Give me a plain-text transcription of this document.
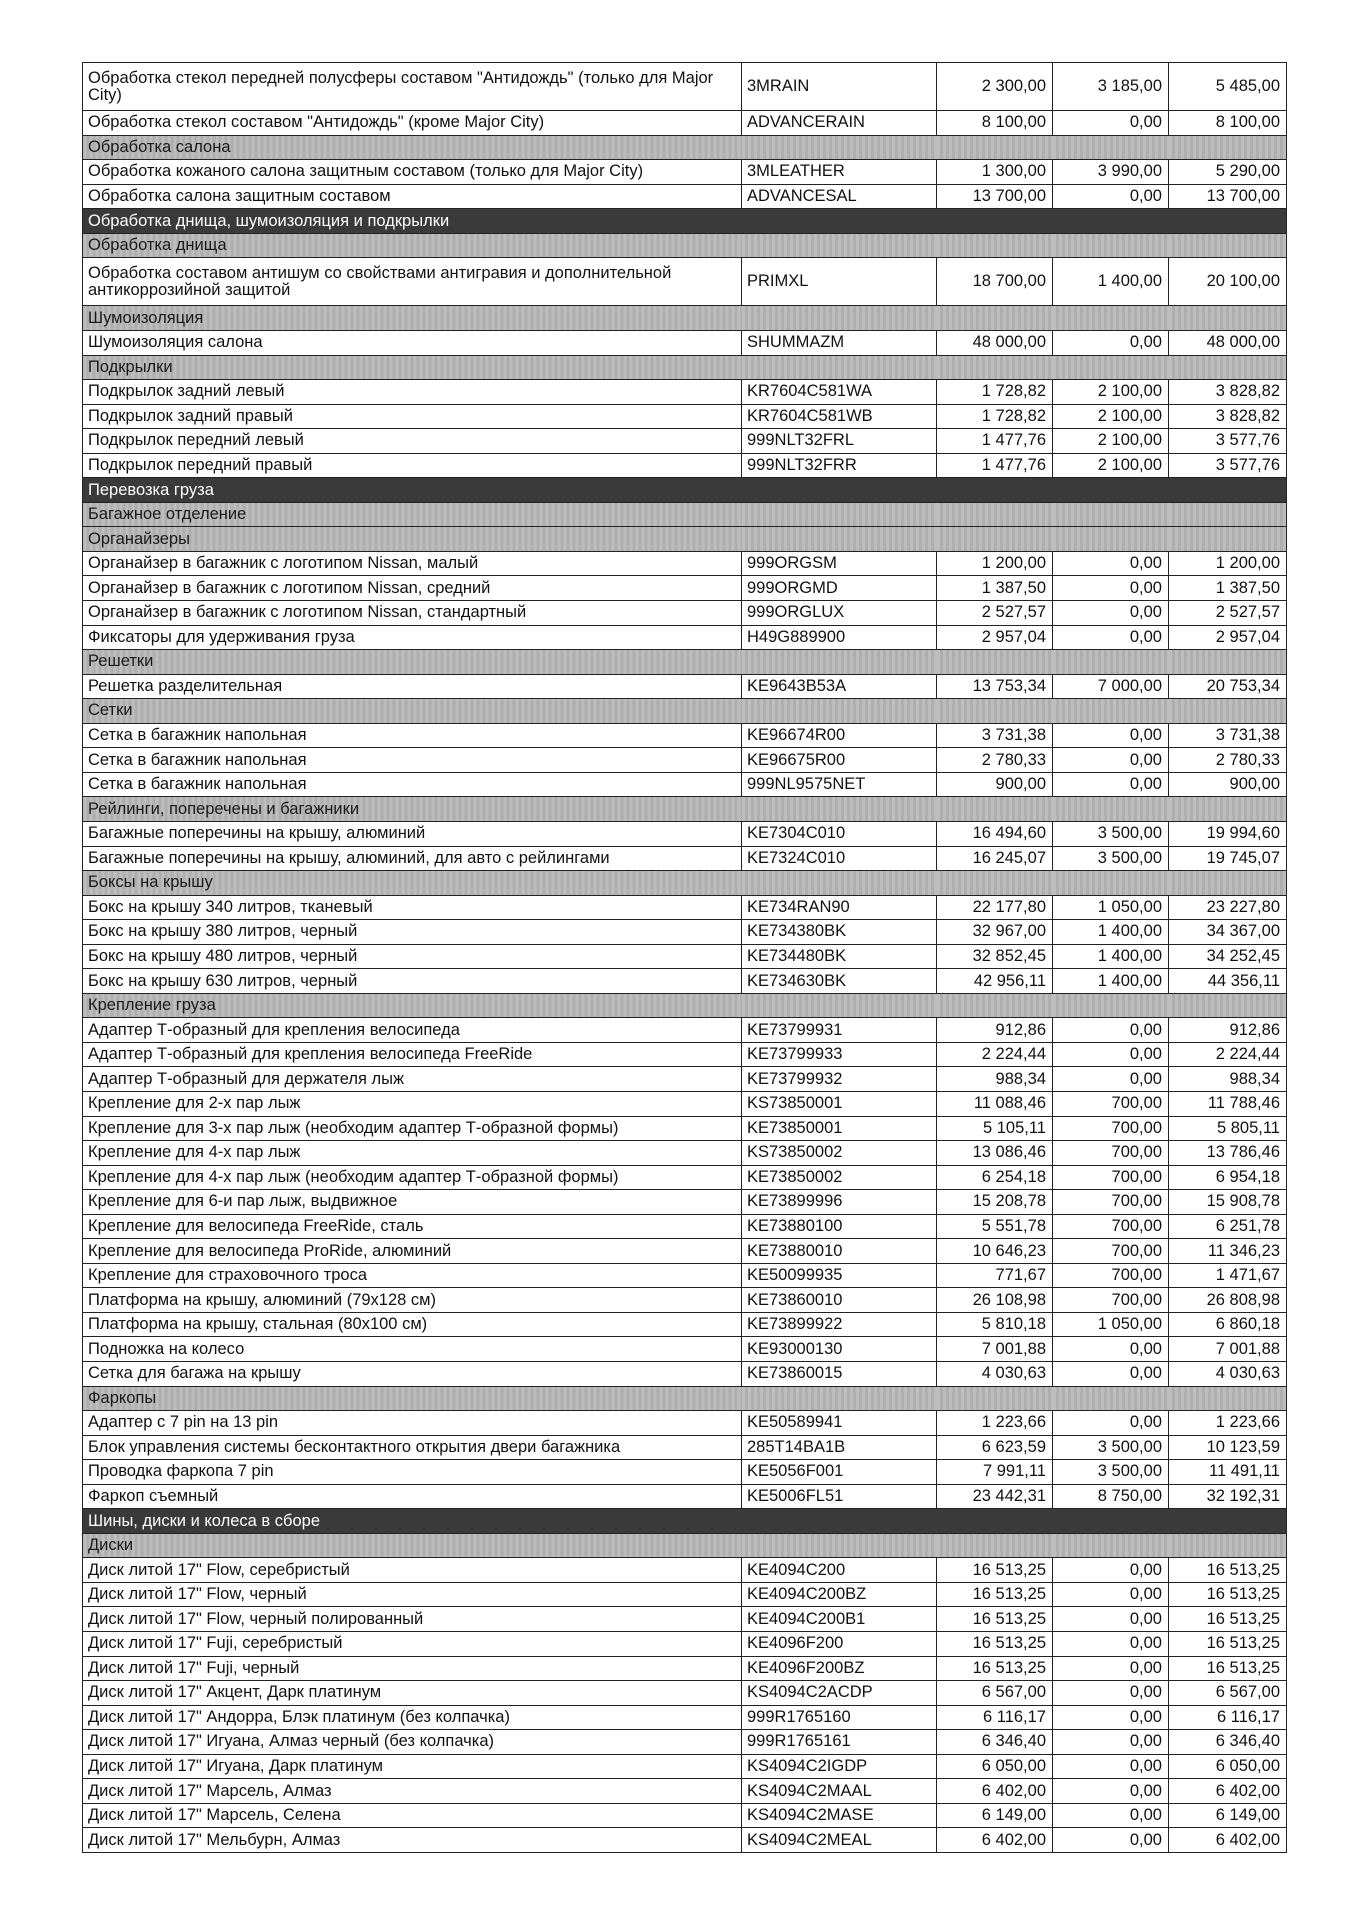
Обработка стекол передней полусферы составом "Антидождь" (только для Major City)	3MRAIN	2 300,00	3 185,00	5 485,00
Обработка стекол составом "Антидождь" (кроме Major City)	ADVANCERAIN	8 100,00	0,00	8 100,00
Обработка салона				
Обработка кожаного салона защитным составом (только для Major City)	3MLEATHER	1 300,00	3 990,00	5 290,00
Обработка салона защитным составом	ADVANCESAL	13 700,00	0,00	13 700,00
Обработка днища, шумоизоляция и подкрылки				
Обработка днища				
Обработка составом антишум со свойствами антигравия и дополнительной антикоррозийной защитой	PRIMXL	18 700,00	1 400,00	20 100,00
Шумоизоляция				
Шумоизоляция салона	SHUMMAZM	48 000,00	0,00	48 000,00
Подкрылки				
Подкрылок задний левый	KR7604C581WA	1 728,82	2 100,00	3 828,82
Подкрылок задний правый	KR7604C581WB	1 728,82	2 100,00	3 828,82
Подкрылок передний левый	999NLT32FRL	1 477,76	2 100,00	3 577,76
Подкрылок передний правый	999NLT32FRR	1 477,76	2 100,00	3 577,76
Перевозка груза				
Багажное отделение				
Органайзеры				
Органайзер в багажник с логотипом Nissan, малый	999ORGSM	1 200,00	0,00	1 200,00
Органайзер в багажник с логотипом Nissan, средний	999ORGMD	1 387,50	0,00	1 387,50
Органайзер в багажник с логотипом Nissan, стандартный	999ORGLUX	2 527,57	0,00	2 527,57
Фиксаторы для удерживания груза	H49G889900	2 957,04	0,00	2 957,04
Решетки				
Решетка разделительная	KE9643B53A	13 753,34	7 000,00	20 753,34
Сетки				
Сетка в багажник напольная	KE96674R00	3 731,38	0,00	3 731,38
Сетка в багажник напольная	KE96675R00	2 780,33	0,00	2 780,33
Сетка в багажник напольная	999NL9575NET	900,00	0,00	900,00
Рейлинги, поперечены и багажники				
Багажные поперечины на крышу, алюминий	KE7304C010	16 494,60	3 500,00	19 994,60
Багажные поперечины на крышу, алюминий, для авто с рейлингами	KE7324C010	16 245,07	3 500,00	19 745,07
Боксы на крышу				
Бокс на крышу 340 литров, тканевый	KE734RAN90	22 177,80	1 050,00	23 227,80
Бокс на крышу 380 литров, черный	KE734380BK	32 967,00	1 400,00	34 367,00
Бокс на крышу 480 литров, черный	KE734480BK	32 852,45	1 400,00	34 252,45
Бокс на крышу 630 литров, черный	KE734630BK	42 956,11	1 400,00	44 356,11
Крепление груза				
Адаптер Т-образный для крепления велосипеда	KE73799931	912,86	0,00	912,86
Адаптер Т-образный для крепления велосипеда FreeRide	KE73799933	2 224,44	0,00	2 224,44
Адаптер Т-образный для держателя лыж	KE73799932	988,34	0,00	988,34
Крепление для 2-х пар лыж	KS73850001	11 088,46	700,00	11 788,46
Крепление для 3-х пар лыж (необходим адаптер Т-образной формы)	KE73850001	5 105,11	700,00	5 805,11
Крепление для 4-х пар лыж	KS73850002	13 086,46	700,00	13 786,46
Крепление для 4-х пар лыж (необходим адаптер Т-образной формы)	KE73850002	6 254,18	700,00	6 954,18
Крепление для 6-и пар лыж, выдвижное	KE73899996	15 208,78	700,00	15 908,78
Крепление для велосипеда FreeRide, сталь	KE73880100	5 551,78	700,00	6 251,78
Крепление для велосипеда ProRide, алюминий	KE73880010	10 646,23	700,00	11 346,23
Крепление для страховочного троса	KE50099935	771,67	700,00	1 471,67
Платформа на крышу, алюминий (79х128 см)	KE73860010	26 108,98	700,00	26 808,98
Платформа на крышу, стальная (80х100 см)	KE73899922	5 810,18	1 050,00	6 860,18
Подножка на колесо	KE93000130	7 001,88	0,00	7 001,88
Сетка для багажа на крышу	KE73860015	4 030,63	0,00	4 030,63
Фаркопы				
Адаптер с 7 pin на 13 pin	KE50589941	1 223,66	0,00	1 223,66
Блок управления системы бесконтактного открытия двери багажника	285T14BA1B	6 623,59	3 500,00	10 123,59
Проводка фаркопа 7 pin	KE5056F001	7 991,11	3 500,00	11 491,11
Фаркоп съемный	KE5006FL51	23 442,31	8 750,00	32 192,31
Шины, диски и колеса в сборе				
Диски				
Диск литой 17" Flow, серебристый	KE4094C200	16 513,25	0,00	16 513,25
Диск литой 17" Flow, черный	KE4094C200BZ	16 513,25	0,00	16 513,25
Диск литой 17" Flow, черный полированный	KE4094C200B1	16 513,25	0,00	16 513,25
Диск литой 17" Fuji, серебристый	KE4096F200	16 513,25	0,00	16 513,25
Диск литой 17" Fuji, черный	KE4096F200BZ	16 513,25	0,00	16 513,25
Диск литой 17" Акцент, Дарк платинум	KS4094C2ACDP	6 567,00	0,00	6 567,00
Диск литой 17" Андорра, Блэк платинум (без колпачка)	999R1765160	6 116,17	0,00	6 116,17
Диск литой 17" Игуана, Алмаз черный (без колпачка)	999R1765161	6 346,40	0,00	6 346,40
Диск литой 17" Игуана, Дарк платинум	KS4094C2IGDP	6 050,00	0,00	6 050,00
Диск литой 17" Марсель, Алмаз	KS4094C2MAAL	6 402,00	0,00	6 402,00
Диск литой 17" Марсель, Селена	KS4094C2MASE	6 149,00	0,00	6 149,00
Диск литой 17" Мельбурн, Алмаз	KS4094C2MEAL	6 402,00	0,00	6 402,00
